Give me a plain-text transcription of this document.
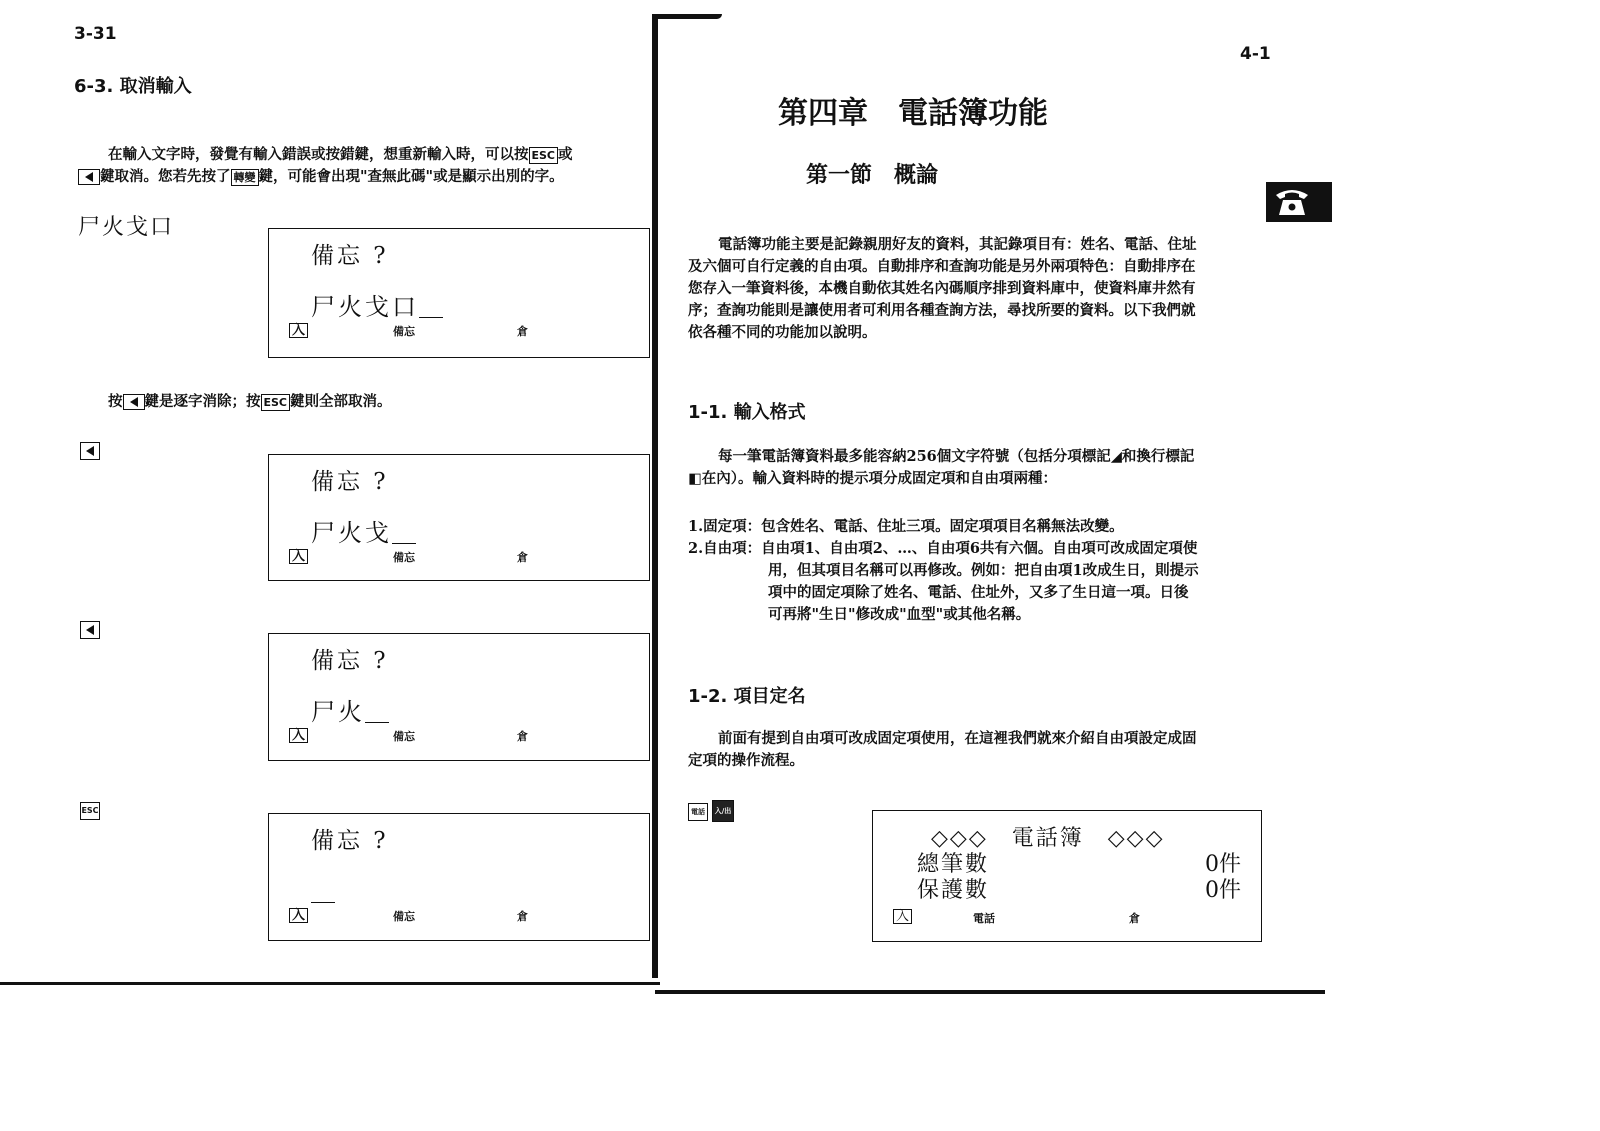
3-31
6-3. 取消輸入
在輸入文字時，發覺有輸入錯誤或按錯鍵，想重新輸入時，可以按 ESC 或
鍵取消。您若先按了 轉變 鍵，可能會出現"查無此碼"或是顯示出別的字。
尸火戈口
備忘 ?
尸火戈口＿
入	備忘	倉
按 鍵是逐字消除；按 ESC 鍵則全部取消。
備忘 ?
尸火戈＿
入	備忘	倉
備忘 ?
尸火＿
入	備忘	倉
ESC
備忘 ?
＿
入	備忘	倉
4-1
第四章　電話簿功能
第一節　概論
電話簿功能主要是記錄親朋好友的資料，其記錄項目有：姓名、電話、住址
及六個可自行定義的自由項。自動排序和查詢功能是另外兩項特色：自動排序在
您存入一筆資料後，本機自動依其姓名內碼順序排到資料庫中，使資料庫井然有
序；查詢功能則是讓使用者可利用各種查詢方法，尋找所要的資料。以下我們就
依各種不同的功能加以說明。
1-1. 輸入格式
每一筆電話簿資料最多能容納256個文字符號（包括分項標記◢和換行標記
◧在內）。輸入資料時的提示項分成固定項和自由項兩種：
1.固定項：包含姓名、電話、住址三項。固定項項目名稱無法改變。
2.自由項：自由項1、自由項2、…、自由項6共有六個。自由項可改成固定項使
用，但其項目名稱可以再修改。例如：把自由項1改成生日，則提示
項中的固定項除了姓名、電話、住址外，又多了生日這一項。日後
可再將"生日"修改成"血型"或其他名稱。
1-2. 項目定名
前面有提到自由項可改成固定項使用，在這裡我們就來介紹自由項設定成固
定項的操作流程。
電話	入/出
◇◇◇　電話簿　◇◇◇
總筆數	0件
保護數	0件
入	電話	倉
